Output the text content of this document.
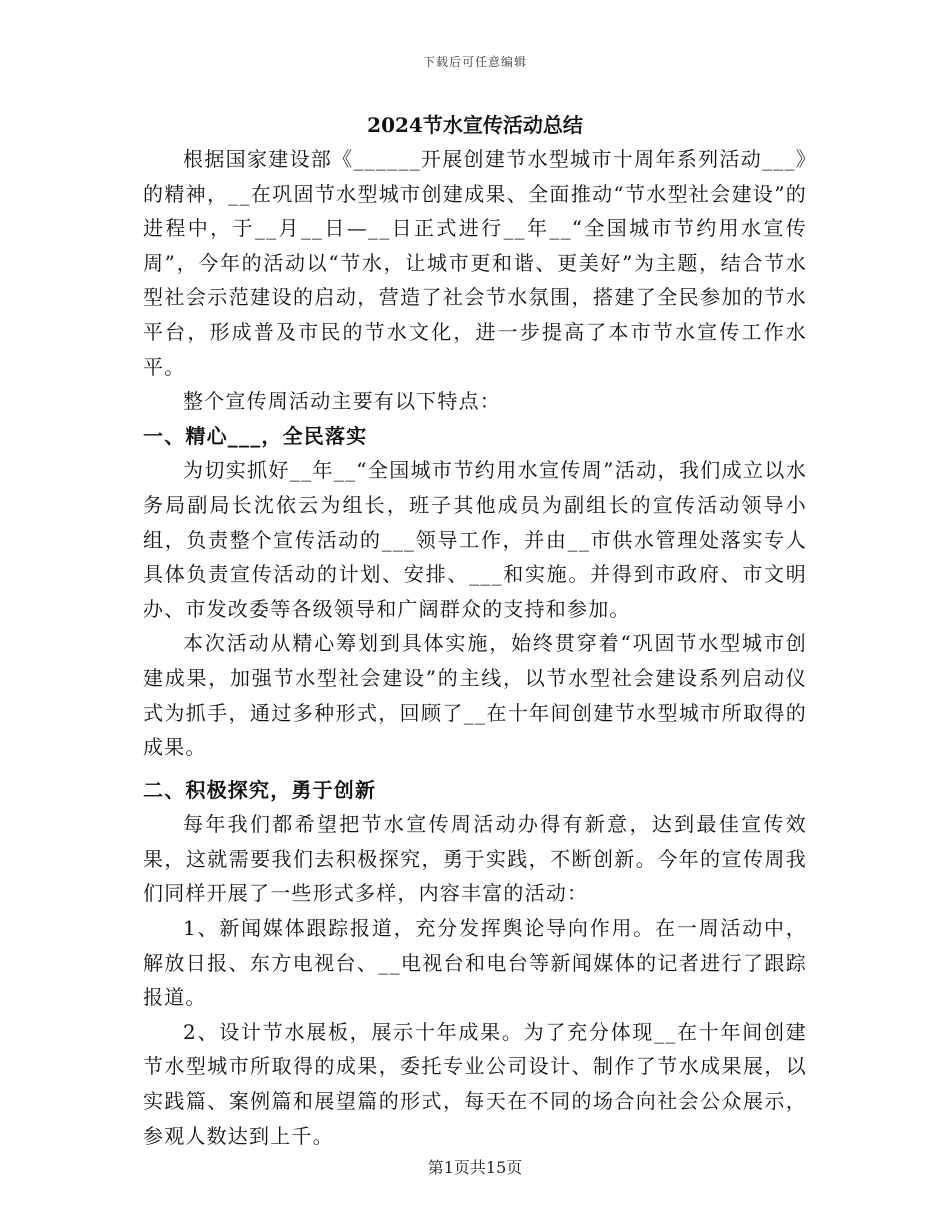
下载后可任意编辑
2024节水宣传活动总结

根据国家建设部《______开展创建节水型城市十周年系列活动___》的精神，__在巩固节水型城市创建成果、全面推动“节水型社会建设”的进程中，于__月__日—__日正式进行__年__“全国城市节约用水宣传周”，今年的活动以“节水，让城市更和谐、更美好”为主题，结合节水型社会示范建设的启动，营造了社会节水氛围，搭建了全民参加的节水平台，形成普及市民的节水文化，进一步提高了本市节水宣传工作水平。

整个宣传周活动主要有以下特点：

一、精心___，全民落实

为切实抓好__年__“全国城市节约用水宣传周”活动，我们成立以水务局副局长沈依云为组长，班子其他成员为副组长的宣传活动领导小组，负责整个宣传活动的___领导工作，并由__市供水管理处落实专人具体负责宣传活动的计划、安排、___和实施。并得到市政府、市文明办、市发改委等各级领导和广阔群众的支持和参加。

本次活动从精心筹划到具体实施，始终贯穿着“巩固节水型城市创建成果，加强节水型社会建设”的主线，以节水型社会建设系列启动仪式为抓手，通过多种形式，回顾了__在十年间创建节水型城市所取得的成果。

二、积极探究，勇于创新

每年我们都希望把节水宣传周活动办得有新意，达到最佳宣传效果，这就需要我们去积极探究，勇于实践，不断创新。今年的宣传周我们同样开展了一些形式多样，内容丰富的活动：

1、新闻媒体跟踪报道，充分发挥舆论导向作用。在一周活动中，解放日报、东方电视台、__电视台和电台等新闻媒体的记者进行了跟踪报道。

2、设计节水展板，展示十年成果。为了充分体现__在十年间创建节水型城市所取得的成果，委托专业公司设计、制作了节水成果展，以实践篇、案例篇和展望篇的形式，每天在不同的场合向社会公众展示，参观人数达到上千。

第1页共15页
